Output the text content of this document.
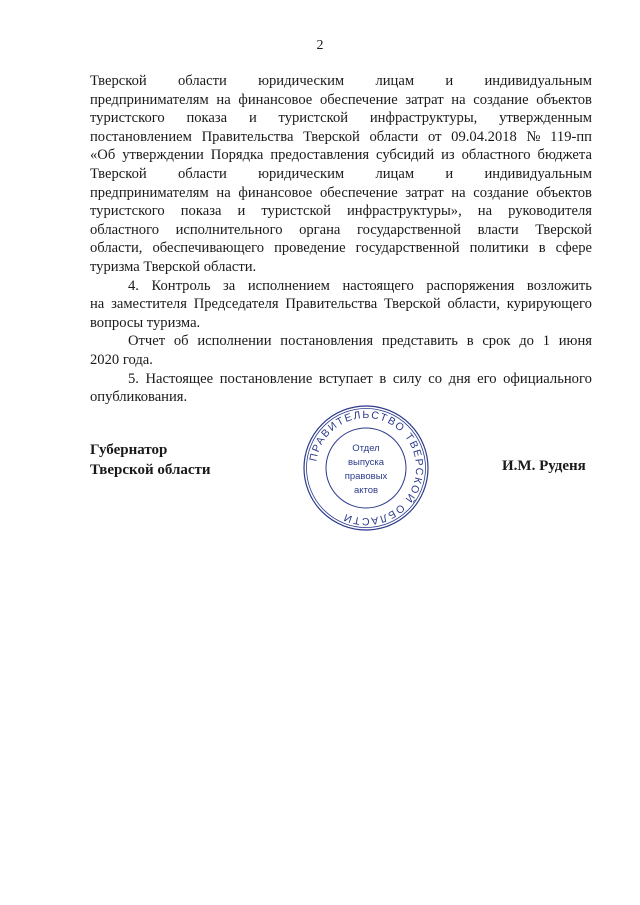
2
Тверской области юридическим лицам и индивидуальным
предпринимателям на финансовое обеспечение затрат на создание объектов
туристского показа и туристской инфраструктуры, утвержденным
постановлением Правительства Тверской области от 09.04.2018 № 119-пп
«Об утверждении Порядка предоставления субсидий из областного бюджета
Тверской области юридическим лицам и индивидуальным
предпринимателям на финансовое обеспечение затрат на создание объектов
туристского показа и туристской инфраструктуры», на руководителя
областного исполнительного органа государственной власти Тверской
области, обеспечивающего проведение государственной политики в сфере
туризма Тверской области.
4. Контроль за исполнением настоящего распоряжения возложить
на заместителя Председателя Правительства Тверской области, курирующего
вопросы туризма.
Отчет об исполнении постановления представить в срок до 1 июня
2020 года.
5. Настоящее постановление вступает в силу со дня его официального
опубликования.
Губернатор
Тверской области
ПРАВИТЕЛЬСТВО ТВЕРСКОЙ ОБЛАСТИ
Отдел
выпуска
правовых
актов
И.М. Руденя
